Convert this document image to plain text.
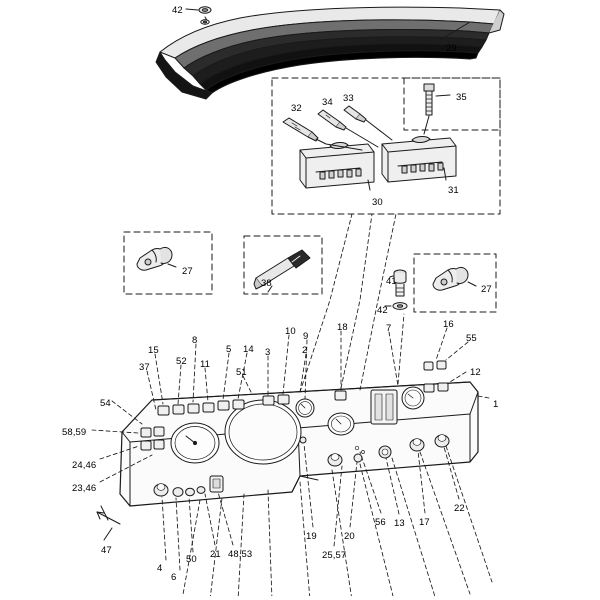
42
29
32
34 33	35
31
30
27
38	41
27
42
16
55
8
14
10 9
18	7
15	5	3	2
52 11
37	51	12
1
54
58,59
24,46
23,46
47
4
6
50 21 48,53
19
25,57
20
56 13 17
22
